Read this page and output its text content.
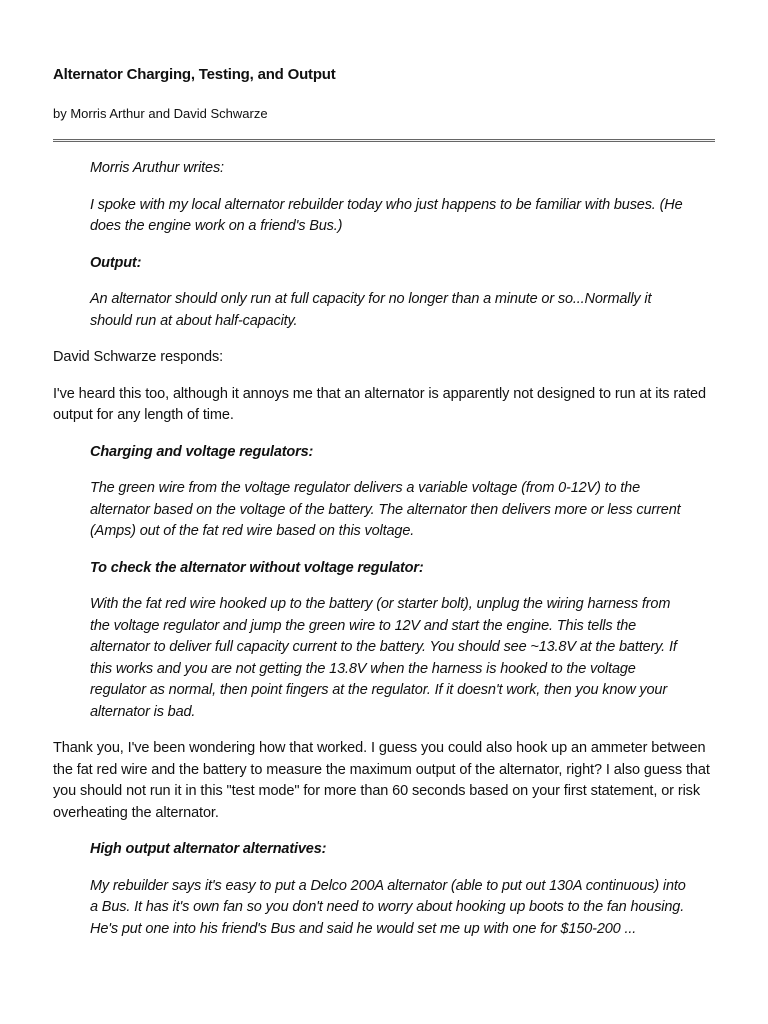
Alternator Charging, Testing, and Output

by Morris Arthur and David Schwarze

Morris Aruthur writes:

I spoke with my local alternator rebuilder today who just happens to be familiar with buses. (He does the engine work on a friend's Bus.)

Output:

An alternator should only run at full capacity for no longer than a minute or so...Normally it should run at about half-capacity.

David Schwarze responds:

I've heard this too, although it annoys me that an alternator is apparently not designed to run at its rated output for any length of time.

Charging and voltage regulators:

The green wire from the voltage regulator delivers a variable voltage (from 0-12V) to the alternator based on the voltage of the battery. The alternator then delivers more or less current (Amps) out of the fat red wire based on this voltage.

To check the alternator without voltage regulator:

With the fat red wire hooked up to the battery (or starter bolt), unplug the wiring harness from the voltage regulator and jump the green wire to 12V and start the engine. This tells the alternator to deliver full capacity current to the battery. You should see ~13.8V at the battery. If this works and you are not getting the 13.8V when the harness is hooked to the voltage regulator as normal, then point fingers at the regulator. If it doesn't work, then you know your alternator is bad.

Thank you, I've been wondering how that worked. I guess you could also hook up an ammeter between the fat red wire and the battery to measure the maximum output of the alternator, right? I also guess that you should not run it in this "test mode" for more than 60 seconds based on your first statement, or risk overheating the alternator.

High output alternator alternatives:

My rebuilder says it's easy to put a Delco 200A alternator (able to put out 130A continuous) into a Bus. It has it's own fan so you don't need to worry about hooking up boots to the fan housing. He's put one into his friend's Bus and said he would set me up with one for $150-200 ...
